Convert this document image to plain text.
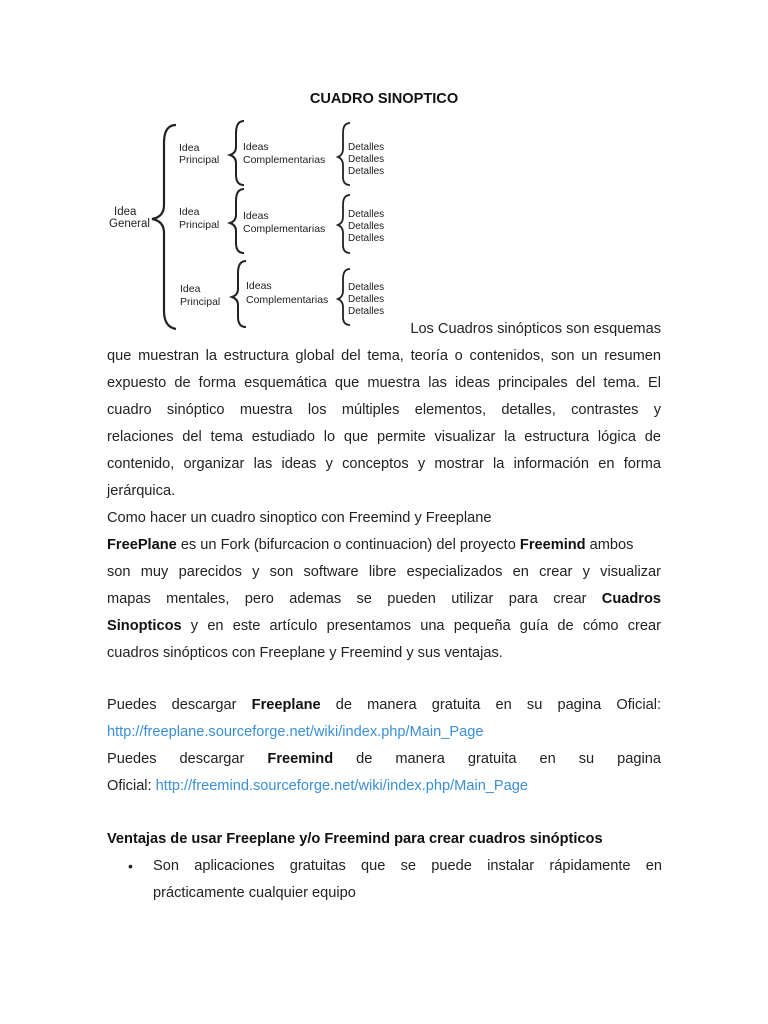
CUADRO SINOPTICO
Idea
General
Idea
Principal
Ideas
Complementarias
Detalles
Detalles
Detalles
Idea
Principal
Ideas
Complementarias
Detalles
Detalles
Detalles
Idea
Principal
Ideas
Complementarias
Detalles
Detalles
Detalles
Los Cuadros sinópticos son esquemas
que muestran la estructura global del tema, teoría o contenidos, son un resumen
expuesto de forma esquemática que muestra las ideas principales del tema. El
cuadro sinóptico muestra los múltiples elementos, detalles, contrastes y
relaciones del tema estudiado lo que permite visualizar la estructura lógica de
contenido, organizar las ideas y conceptos y mostrar la información en forma
jerárquica.
Como hacer un cuadro sinoptico con Freemind y Freeplane
FreePlane es un Fork (bifurcacion o continuacion) del proyecto Freemind ambos
son muy parecidos y son software libre especializados en crear y visualizar
mapas mentales, pero ademas se pueden utilizar para crear Cuadros
Sinopticos y en este artículo presentamos una pequeña guía de cómo crear
cuadros sinópticos con Freeplane y Freemind y sus ventajas.
Puedes descargar Freeplane de manera gratuita en su pagina Oficial:
http://freeplane.sourceforge.net/wiki/index.php/Main_Page
Puedes descargar Freemind de manera gratuita en su pagina
Oficial: http://freemind.sourceforge.net/wiki/index.php/Main_Page
Ventajas de usar Freeplane y/o Freemind para crear cuadros sinópticos
• Son aplicaciones gratuitas que se puede instalar rápidamente en
prácticamente cualquier equipo
